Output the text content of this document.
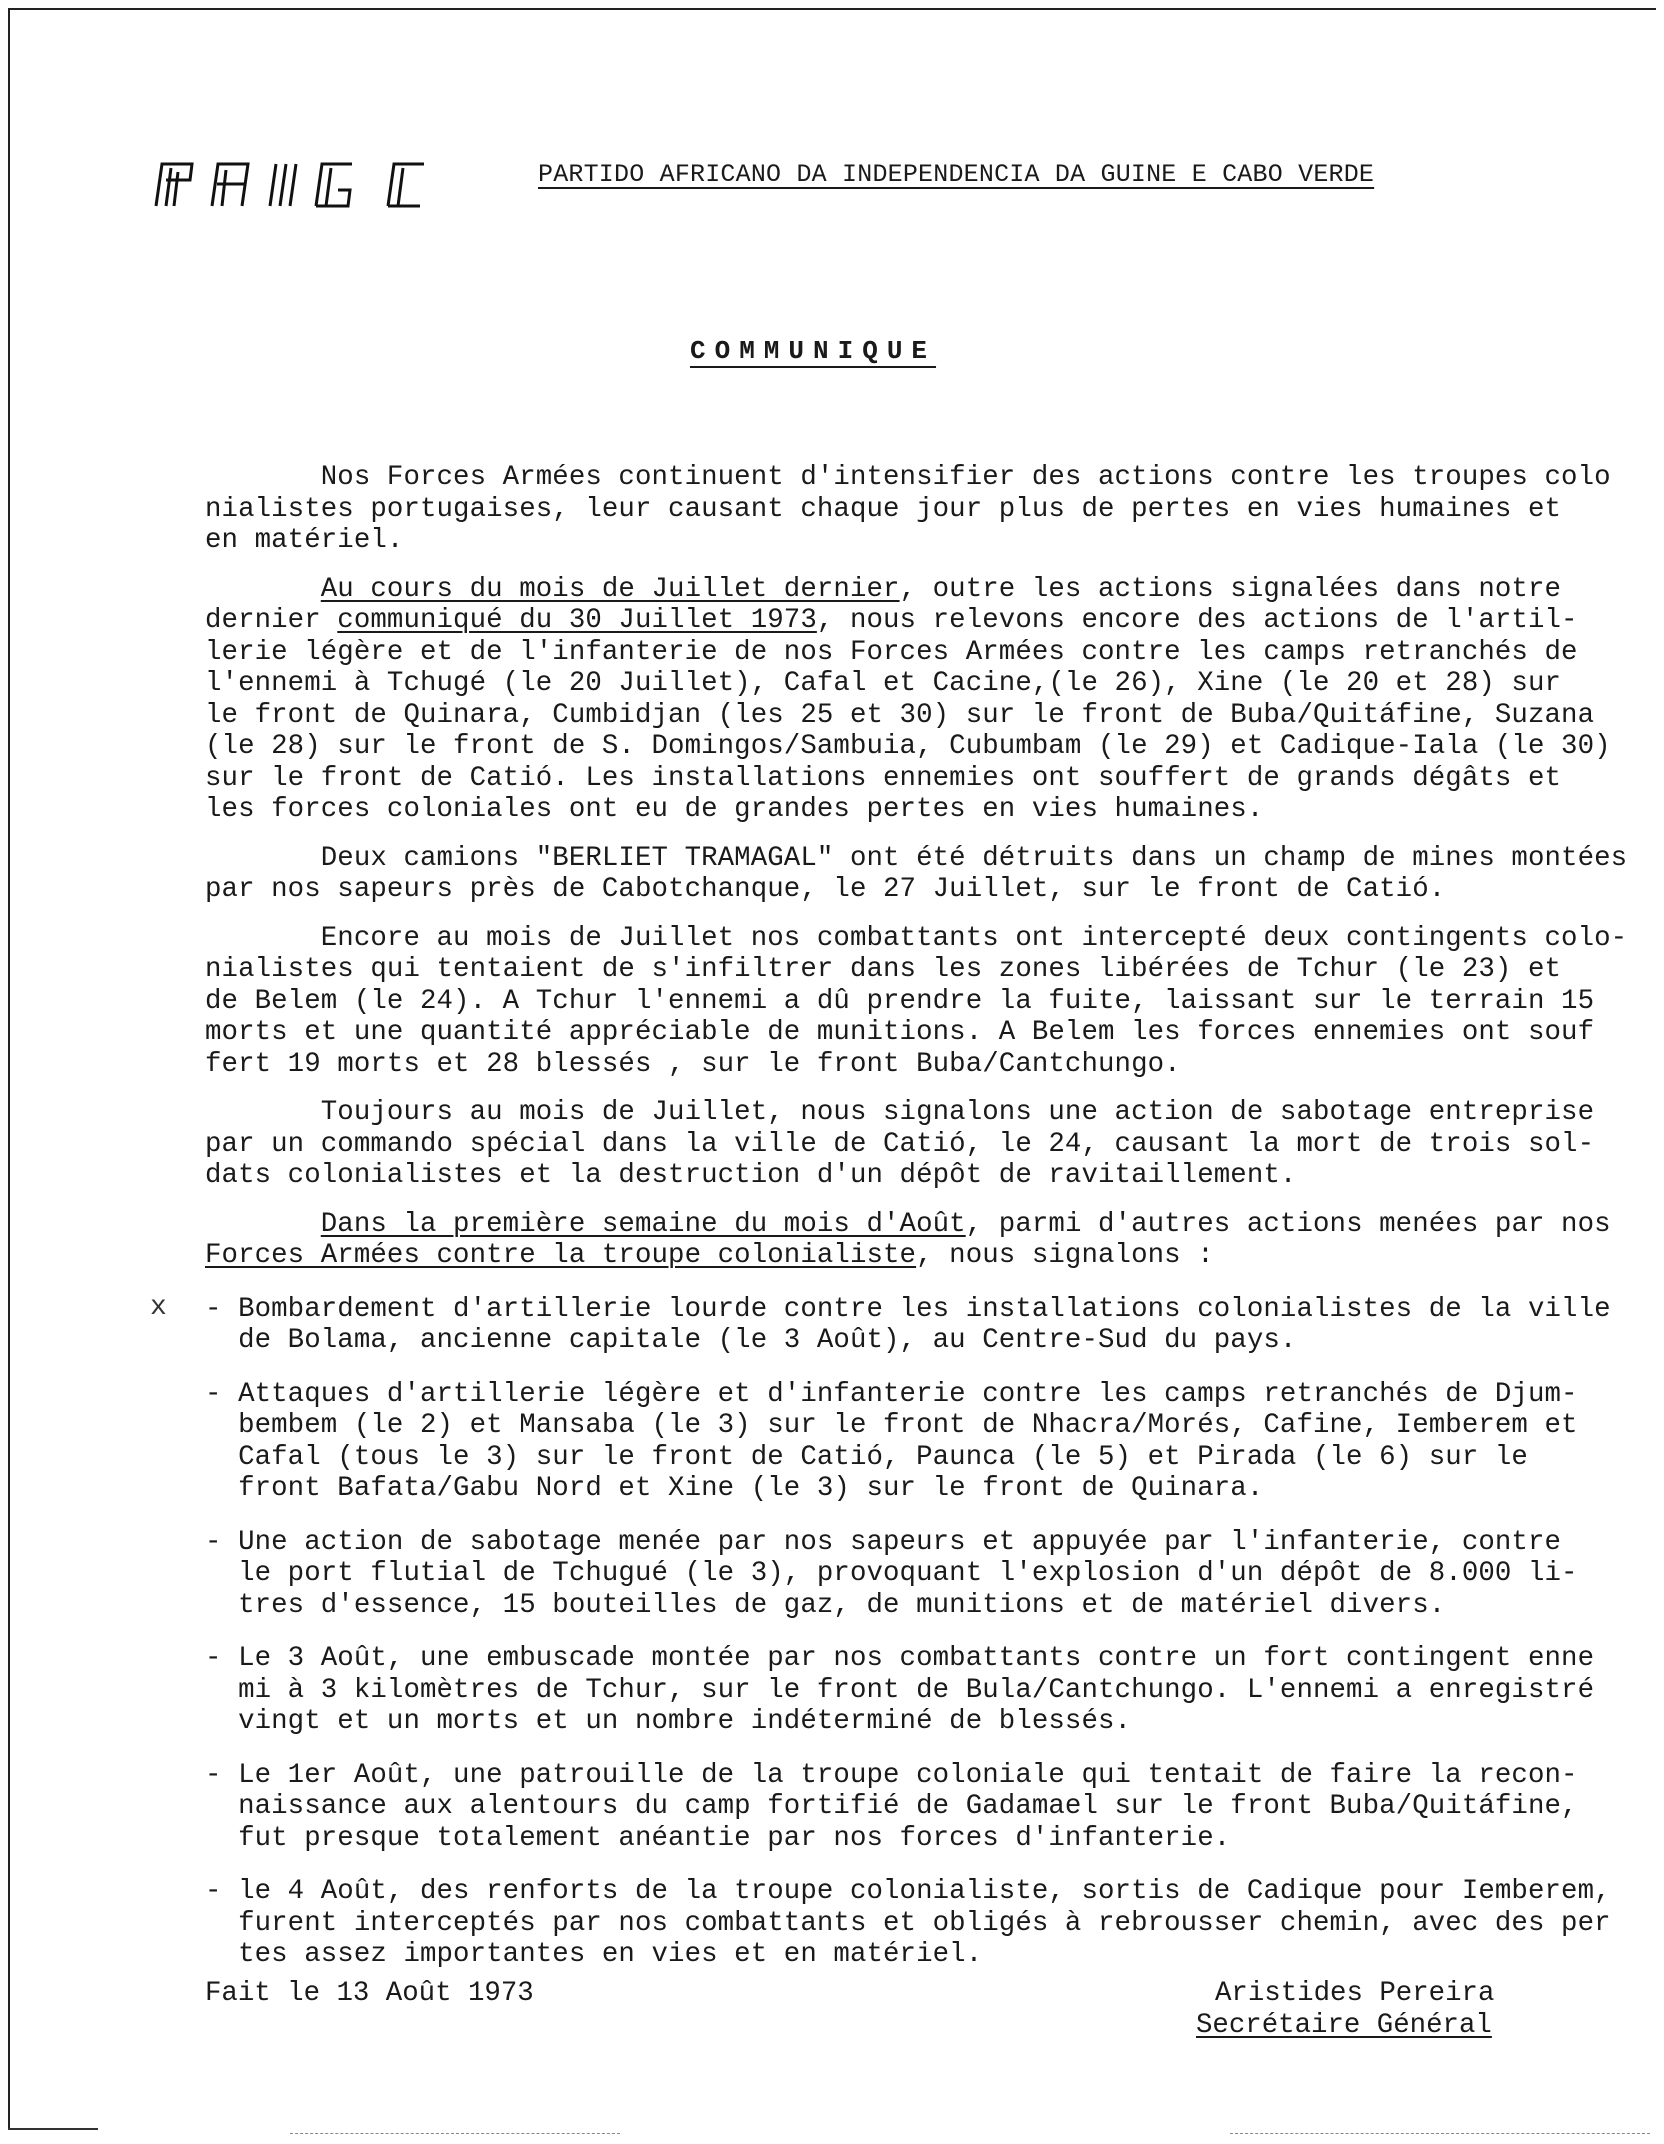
PARTIDO AFRICANO DA INDEPENDENCIA DA GUINE E CABO VERDE
COMMUNIQUE
x
Nos Forces Armées continuent d'intensifier des actions contre les troupes colo
nialistes portugaises, leur causant chaque jour plus de pertes en vies humaines et
en matériel.
Au cours du mois de Juillet dernier, outre les actions signalées dans notre
dernier communiqué du 30 Juillet 1973, nous relevons encore des actions de l'artil-
lerie légère et de l'infanterie de nos Forces Armées contre les camps retranchés de
l'ennemi à Tchugé (le 20 Juillet), Cafal et Cacine,(le 26), Xine (le 20 et 28) sur
le front de Quinara, Cumbidjan (les 25 et 30) sur le front de Buba/Quitáfine, Suzana
(le 28) sur le front de S. Domingos/Sambuia, Cubumbam (le 29) et Cadique-Iala (le 30)
sur le front de Catió. Les installations ennemies ont souffert de grands dégâts et
les forces coloniales ont eu de grandes pertes en vies humaines.
Deux camions "BERLIET TRAMAGAL" ont été détruits dans un champ de mines montées
par nos sapeurs près de Cabotchanque, le 27 Juillet, sur le front de Catió.
Encore au mois de Juillet nos combattants ont intercepté deux contingents colo-
nialistes qui tentaient de s'infiltrer dans les zones libérées de Tchur (le 23) et
de Belem (le 24). A Tchur l'ennemi a dû prendre la fuite, laissant sur le terrain 15
morts et une quantité appréciable de munitions. A Belem les forces ennemies ont souf
fert 19 morts et 28 blessés , sur le front Buba/Cantchungo.
Toujours au mois de Juillet, nous signalons une action de sabotage entreprise
par un commando spécial dans la ville de Catió, le 24, causant la mort de trois sol-
dats colonialistes et la destruction d'un dépôt de ravitaillement.
Dans la première semaine du mois d'Août, parmi d'autres actions menées par nos
Forces Armées contre la troupe colonialiste, nous signalons :
- Bombardement d'artillerie lourde contre les installations colonialistes de la ville
de Bolama, ancienne capitale (le 3 Août), au Centre-Sud du pays.
- Attaques d'artillerie légère et d'infanterie contre les camps retranchés de Djum-
bembem (le 2) et Mansaba (le 3) sur le front de Nhacra/Morés, Cafine, Iemberem et
Cafal (tous le 3) sur le front de Catió, Paunca (le 5) et Pirada (le 6) sur le
front Bafata/Gabu Nord et Xine (le 3) sur le front de Quinara.
- Une action de sabotage menée par nos sapeurs et appuyée par l'infanterie, contre
le port flutial de Tchugué (le 3), provoquant l'explosion d'un dépôt de 8.000 li-
tres d'essence, 15 bouteilles de gaz, de munitions et de matériel divers.
- Le 3 Août, une embuscade montée par nos combattants contre un fort contingent enne
mi à 3 kilomètres de Tchur, sur le front de Bula/Cantchungo. L'ennemi a enregistré
vingt et un morts et un nombre indéterminé de blessés.
- Le 1er Août, une patrouille de la troupe coloniale qui tentait de faire la recon-
naissance aux alentours du camp fortifié de Gadamael sur le front Buba/Quitáfine,
fut presque totalement anéantie par nos forces d'infanterie.
- le 4 Août, des renforts de la troupe colonialiste, sortis de Cadique pour Iemberem,
furent interceptés par nos combattants et obligés à rebrousser chemin, avec des per
tes assez importantes en vies et en matériel.
Fait le 13 Août 1973	Aristides Pereira
Secrétaire Général
